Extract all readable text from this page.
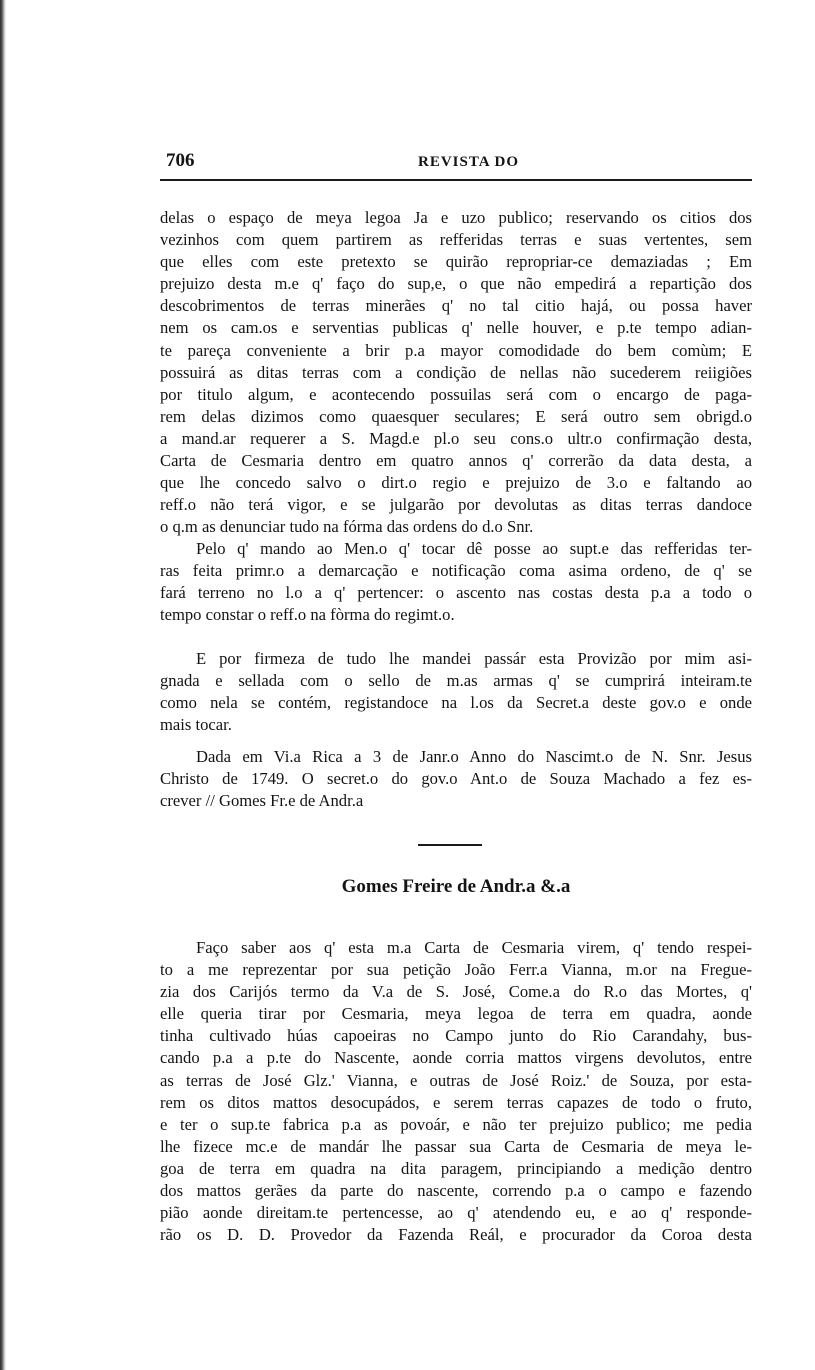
706	REVISTA DO
delas o espaço de meya legoa Ja e uzo publico; reservando os citios dos
vezinhos com quem partirem as refferidas terras e suas vertentes, sem
que elles com este pretexto se quirão repropriar-ce demaziadas ; Em
prejuizo desta m.e q' faço do sup,e, o que não empedirá a repartição dos
descobrimentos de terras minerães q' no tal citio hajá, ou possa haver
nem os cam.os e serventias publicas q' nelle houver, e p.te tempo adian-
te pareça conveniente a brir p.a mayor comodidade do bem comùm; E
possuirá as ditas terras com a condição de nellas não sucederem reiigiões
por titulo algum, e acontecendo possuilas será com o encargo de paga-
rem delas dizimos como quaesquer seculares; E será outro sem obrigd.o
a mand.ar requerer a S. Magd.e pl.o seu cons.o ultr.o confirmação desta,
Carta de Cesmaria dentro em quatro annos q' correrão da data desta, a
que lhe concedo salvo o dirt.o regio e prejuizo de 3.o e faltando ao
reff.o não terá vigor, e se julgarão por devolutas as ditas terras dandoce
o q.m as denunciar tudo na fórma das ordens do d.o Snr.
Pelo q' mando ao Men.o q' tocar dê posse ao supt.e das refferidas ter-
ras feita primr.o a demarcação e notificação coma asima ordeno, de q' se
fará terreno no l.o a q' pertencer: o ascento nas costas desta p.a a todo o
tempo constar o reff.o na fòrma do regimt.o.
E por firmeza de tudo lhe mandei passár esta Provizão por mim asi-
gnada e sellada com o sello de m.as armas q' se cumprirá inteiram.te
como nela se contém, registandoce na l.os da Secret.a deste gov.o e onde
mais tocar.
Dada em Vi.a Rica a 3 de Janr.o Anno do Nascimt.o de N. Snr. Jesus
Christo de 1749. O secret.o do gov.o Ant.o de Souza Machado a fez es-
crever // Gomes Fr.e de Andr.a
Gomes Freire de Andr.a &.a
Faço saber aos q' esta m.a Carta de Cesmaria virem, q' tendo respei-
to a me reprezentar por sua petição João Ferr.a Vianna, m.or na Fregue-
zia dos Carijós termo da V.a de S. José, Come.a do R.o das Mortes, q'
elle queria tirar por Cesmaria, meya legoa de terra em quadra, aonde
tinha cultivado húas capoeiras no Campo junto do Rio Carandahy, bus-
cando p.a a p.te do Nascente, aonde corria mattos virgens devolutos, entre
as terras de José Glz.' Vianna, e outras de José Roiz.' de Souza, por esta-
rem os ditos mattos desocupádos, e serem terras capazes de todo o fruto,
e ter o sup.te fabrica p.a as povoár, e não ter prejuizo publico; me pedia
lhe fizece mc.e de mandár lhe passar sua Carta de Cesmaria de meya le-
goa de terra em quadra na dita paragem, principiando a medição dentro
dos mattos gerães da parte do nascente, correndo p.a o campo e fazendo
pião aonde direitam.te pertencesse, ao q' atendendo eu, e ao q' responde-
rão os D. D. Provedor da Fazenda Reál, e procurador da Coroa desta
